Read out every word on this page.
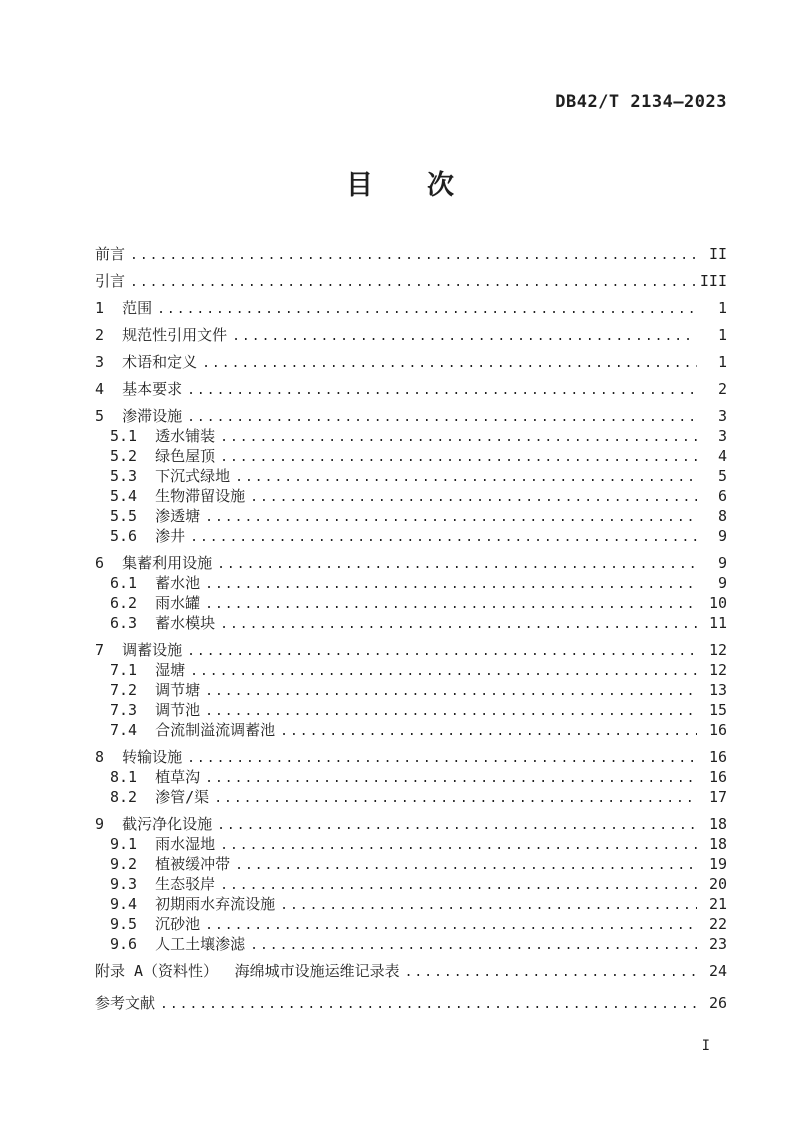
DB42/T 2134—2023
目　　次
前言 .....	II
引言 .....	III
1  范围 .....	1
2  规范性引用文件 .....	1
3  术语和定义 .....	1
4  基本要求 .....	2
5  渗滞设施 .....	3
5.1  透水铺装 .....	3
5.2  绿色屋顶 .....	4
5.3  下沉式绿地 .....	5
5.4  生物滞留设施 .....	6
5.5  渗透塘 .....	8
5.6  渗井 .....	9
6  集蓄利用设施 .....	9
6.1  蓄水池 .....	9
6.2  雨水罐 .....	10
6.3  蓄水模块 .....	11
7  调蓄设施 .....	12
7.1  湿塘 .....	12
7.2  调节塘 .....	13
7.3  调节池 .....	15
7.4  合流制溢流调蓄池 .....	16
8  转输设施 .....	16
8.1  植草沟 .....	16
8.2  渗管/渠 .....	17
9  截污净化设施 .....	18
9.1  雨水湿地 .....	18
9.2  植被缓冲带 .....	19
9.3  生态驳岸 .....	20
9.4  初期雨水弃流设施 .....	21
9.5  沉砂池 .....	22
9.6  人工土壤渗滤 .....	23
附录 A（资料性）　 海绵城市设施运维记录表 .....	24
参考文献 .....	26
I
